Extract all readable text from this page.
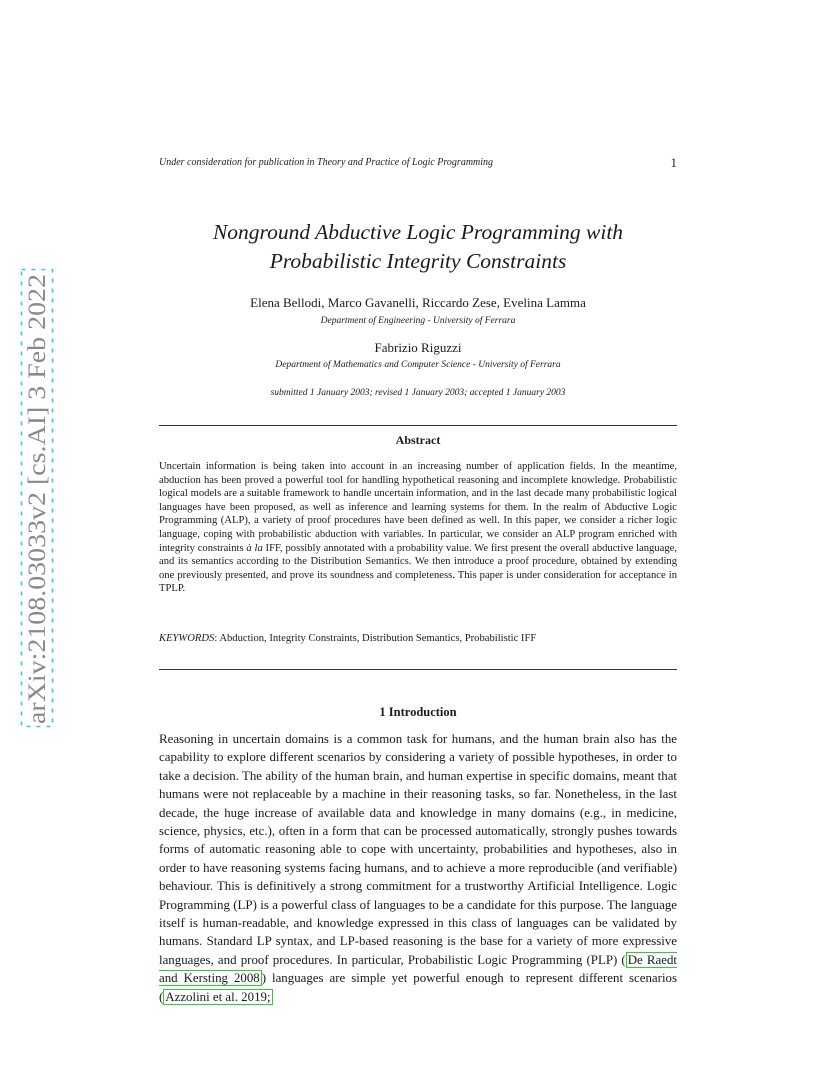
arXiv:2108.03033v2 [cs.AI] 3 Feb 2022
Under consideration for publication in Theory and Practice of Logic Programming	1
Nonground Abductive Logic Programming with
Probabilistic Integrity Constraints
Elena Bellodi, Marco Gavanelli, Riccardo Zese, Evelina Lamma
Department of Engineering - University of Ferrara
Fabrizio Riguzzi
Department of Mathematics and Computer Science - University of Ferrara
submitted 1 January 2003; revised 1 January 2003; accepted 1 January 2003
Abstract

Uncertain information is being taken into account in an increasing number of application fields. In the meantime, abduction has been proved a powerful tool for handling hypothetical reasoning and incomplete knowledge. Probabilistic logical models are a suitable framework to handle uncertain information, and in the last decade many probabilistic logical languages have been proposed, as well as inference and learning systems for them. In the realm of Abductive Logic Programming (ALP), a variety of proof procedures have been defined as well. In this paper, we consider a richer logic language, coping with probabilistic abduction with variables. In particular, we consider an ALP program enriched with integrity constraints à la IFF, possibly annotated with a probability value. We first present the overall abductive language, and its semantics according to the Distribution Semantics. We then introduce a proof procedure, obtained by extending one previously presented, and prove its soundness and completeness. This paper is under consideration for acceptance in TPLP.

KEYWORDS: Abduction, Integrity Constraints, Distribution Semantics, Probabilistic IFF
1 Introduction

Reasoning in uncertain domains is a common task for humans, and the human brain also has the capability to explore different scenarios by considering a variety of possible hypotheses, in order to take a decision. The ability of the human brain, and human expertise in specific domains, meant that humans were not replaceable by a machine in their reasoning tasks, so far. Nonetheless, in the last decade, the huge increase of available data and knowledge in many domains (e.g., in medicine, science, physics, etc.), often in a form that can be processed automatically, strongly pushes towards forms of automatic reasoning able to cope with uncertainty, probabilities and hypotheses, also in order to have reasoning systems facing humans, and to achieve a more reproducible (and verifiable) behaviour. This is definitively a strong commitment for a trustworthy Artificial Intelligence. Logic Programming (LP) is a powerful class of languages to be a candidate for this purpose. The language itself is human-readable, and knowledge expressed in this class of languages can be validated by humans. Standard LP syntax, and LP-based reasoning is the base for a variety of more expressive languages, and proof procedures. In particular, Probabilistic Logic Programming (PLP) ( De Raedt and Kersting 2008 ) languages are simple yet powerful enough to represent different scenarios ( Azzolini et al. 2019;
